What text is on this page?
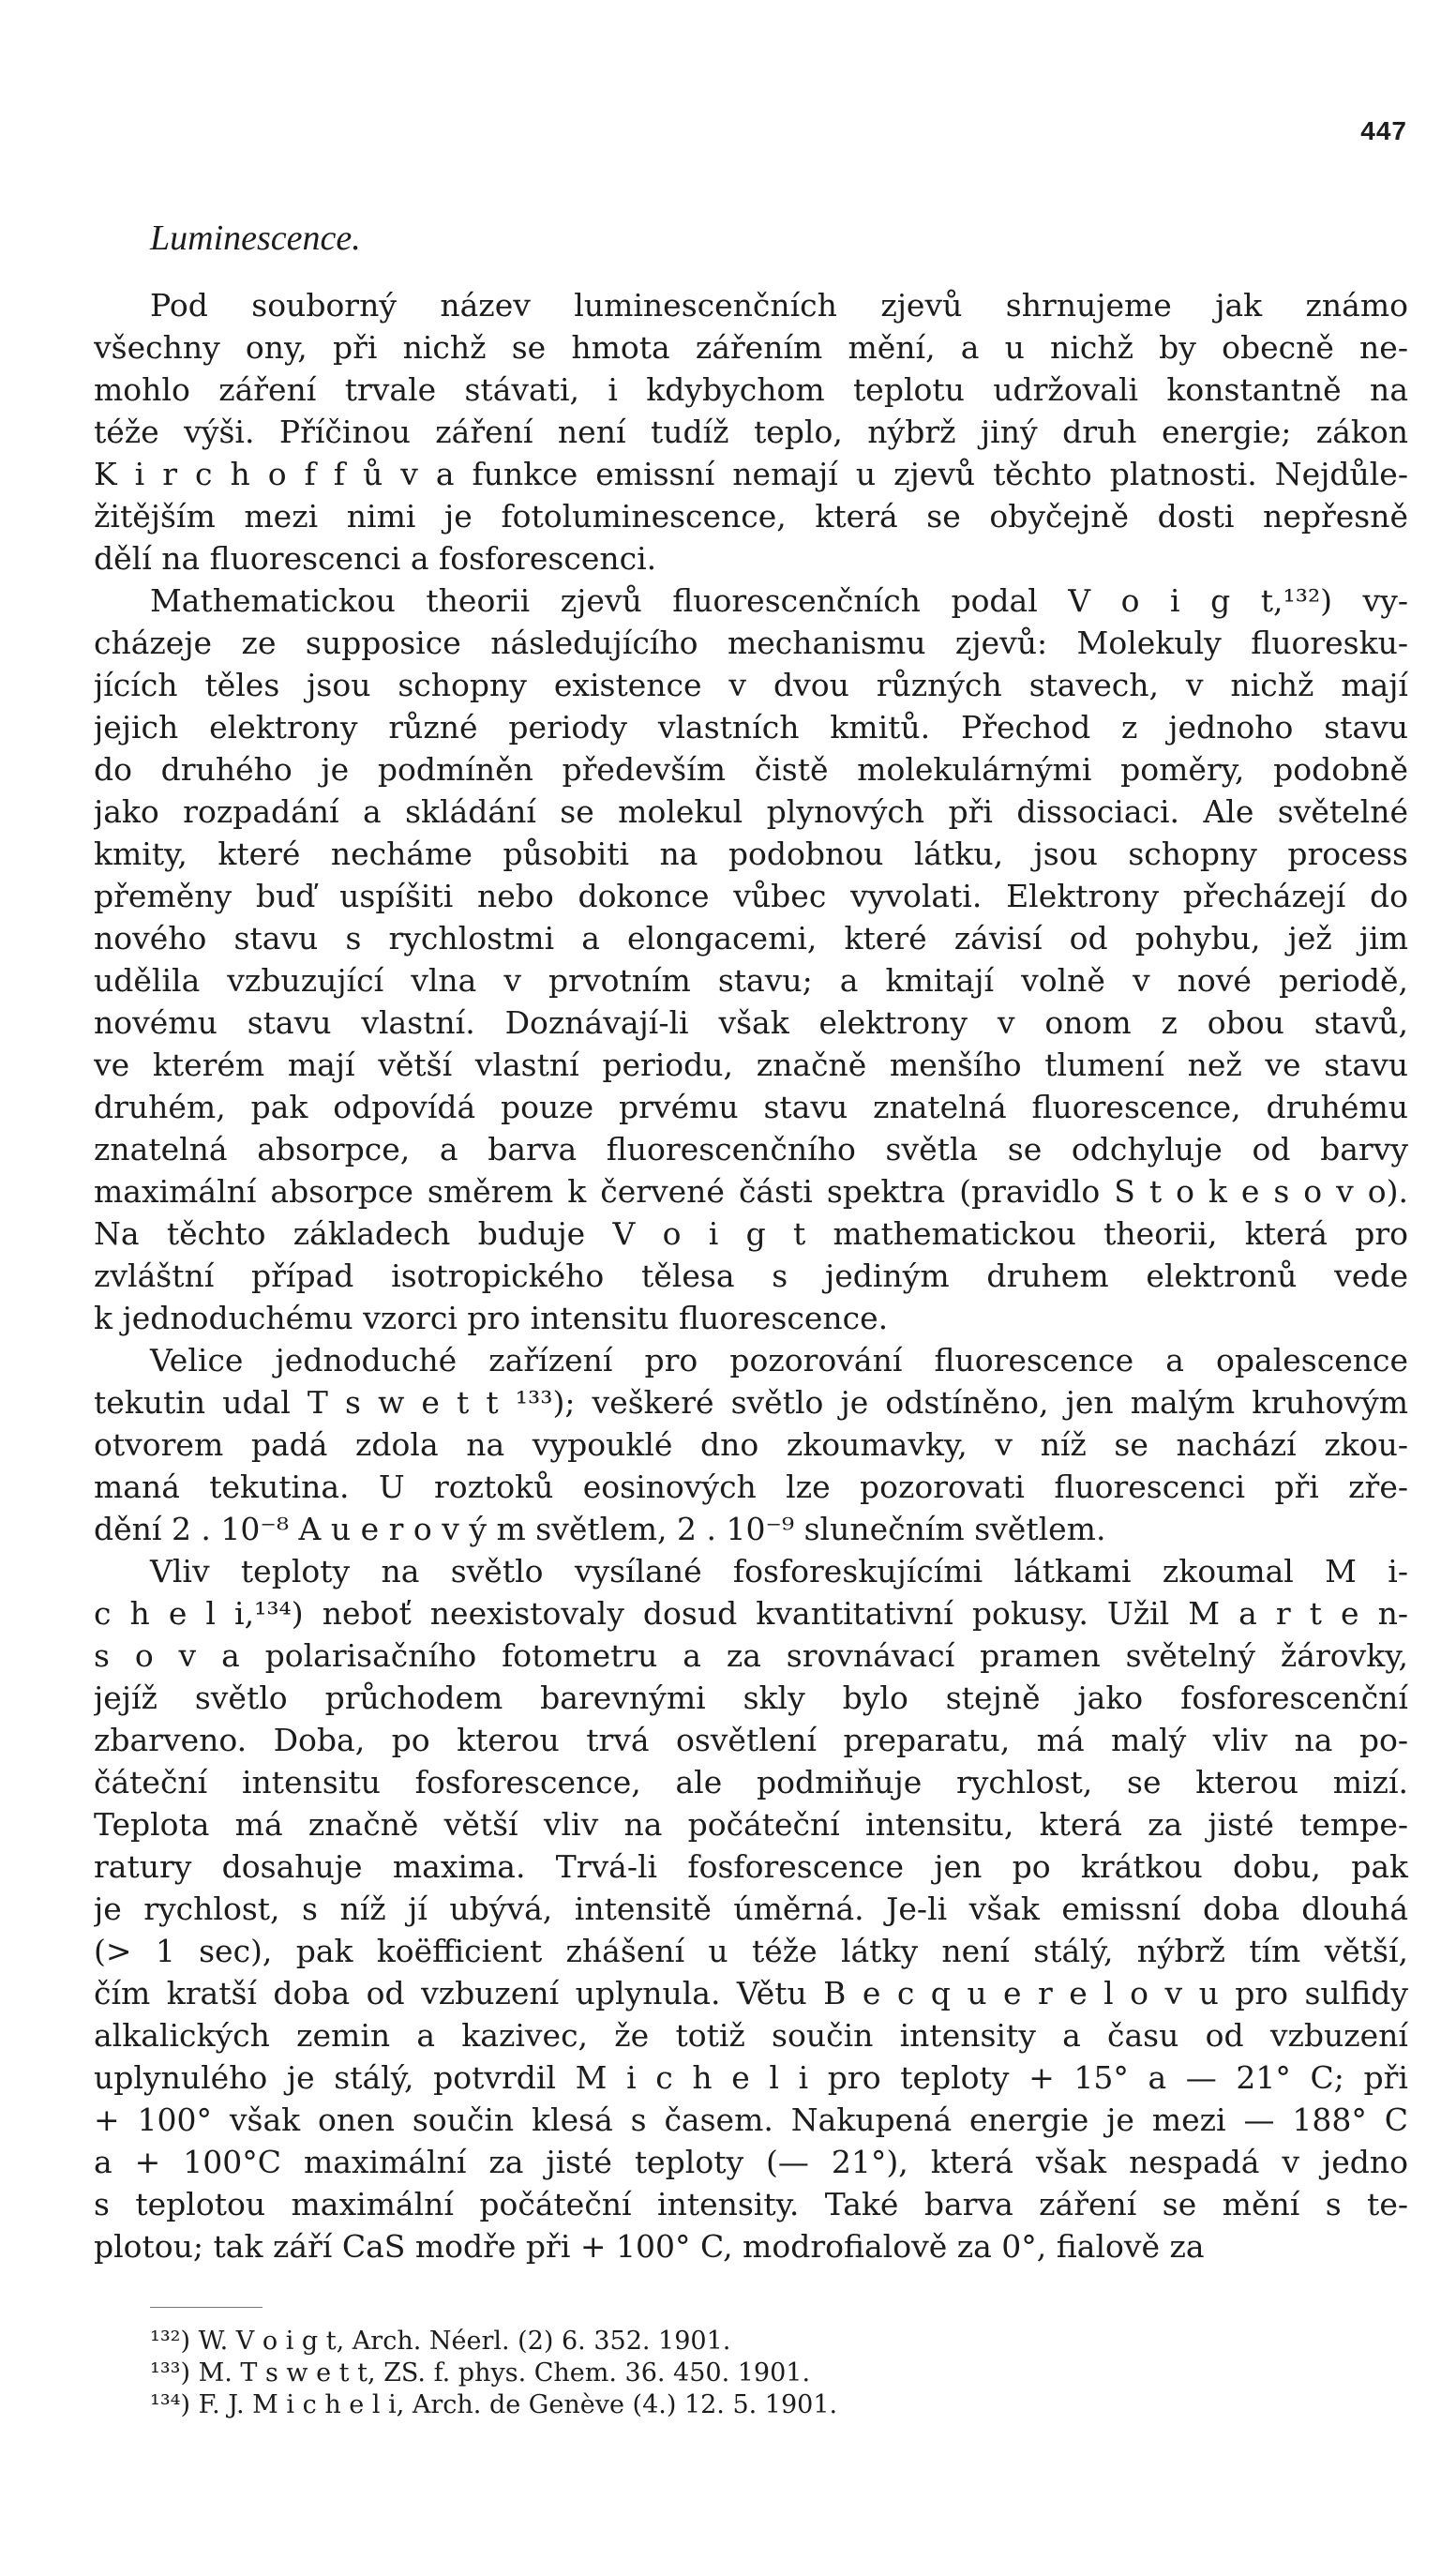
447
Luminescence.
Pod souborný název luminescenčních zjevů shrnujeme jak známo
všechny ony, při nichž se hmota zářením mění, a u nichž by obecně ne-
mohlo záření trvale stávati, i kdybychom teplotu udržovali konstantně na
téže výši. Příčinou záření není tudíž teplo, nýbrž jiný druh energie; zákon
K i r c h o f f ů v a funkce emissní nemají u zjevů těchto platnosti. Nejdůle-
žitějším mezi nimi je fotoluminescence, která se obyčejně dosti nepřesně
dělí na fluorescenci a fosforescenci.
Mathematickou theorii zjevů fluorescenčních podal V o i g t,¹³²) vy-
cházeje ze supposice následujícího mechanismu zjevů: Molekuly fluoresku-
jících těles jsou schopny existence v dvou různých stavech, v nichž mají
jejich elektrony různé periody vlastních kmitů. Přechod z jednoho stavu
do druhého je podmíněn především čistě molekulárnými poměry, podobně
jako rozpadání a skládání se molekul plynových při dissociaci. Ale světelné
kmity, které necháme působiti na podobnou látku, jsou schopny process
přeměny buď uspíšiti nebo dokonce vůbec vyvolati. Elektrony přecházejí do
nového stavu s rychlostmi a elongacemi, které závisí od pohybu, jež jim
udělila vzbuzující vlna v prvotním stavu; a kmitají volně v nové periodě,
novému stavu vlastní. Doznávají-li však elektrony v onom z obou stavů,
ve kterém mají větší vlastní periodu, značně menšího tlumení než ve stavu
druhém, pak odpovídá pouze prvému stavu znatelná fluorescence, druhému
znatelná absorpce, a barva fluorescenčního světla se odchyluje od barvy
maximální absorpce směrem k červené části spektra (pravidlo S t o k e s o v o).
Na těchto základech buduje V o i g t mathematickou theorii, která pro
zvláštní případ isotropického tělesa s jediným druhem elektronů vede
k jednoduchému vzorci pro intensitu fluorescence.
Velice jednoduché zařízení pro pozorování fluorescence a opalescence
tekutin udal T s w e t t ¹³³); veškeré světlo je odstíněno, jen malým kruhovým
otvorem padá zdola na vypouklé dno zkoumavky, v níž se nachází zkou-
maná tekutina. U roztoků eosinových lze pozorovati fluorescenci při zře-
dění 2 . 10⁻⁸ A u e r o v ý m světlem, 2 . 10⁻⁹ slunečním světlem.
Vliv teploty na světlo vysílané fosforeskujícími látkami zkoumal M i-
c h e l i,¹³⁴) neboť neexistovaly dosud kvantitativní pokusy. Užil M a r t e n-
s o v a polarisačního fotometru a za srovnávací pramen světelný žárovky,
jejíž světlo průchodem barevnými skly bylo stejně jako fosforescenční
zbarveno. Doba, po kterou trvá osvětlení preparatu, má malý vliv na po-
čáteční intensitu fosforescence, ale podmiňuje rychlost, se kterou mizí.
Teplota má značně větší vliv na počáteční intensitu, která za jisté tempe-
ratury dosahuje maxima. Trvá-li fosforescence jen po krátkou dobu, pak
je rychlost, s níž jí ubývá, intensitě úměrná. Je-li však emissní doba dlouhá
(> 1 sec), pak koëfficient zhášení u téže látky není stálý, nýbrž tím větší,
čím kratší doba od vzbuzení uplynula. Větu B e c q u e r e l o v u pro sulfidy
alkalických zemin a kazivec, že totiž součin intensity a času od vzbuzení
uplynulého je stálý, potvrdil M i c h e l i pro teploty + 15° a — 21° C; při
+ 100° však onen součin klesá s časem. Nakupená energie je mezi — 188° C
a + 100°C maximální za jisté teploty (— 21°), která však nespadá v jedno
s teplotou maximální počáteční intensity. Také barva záření se mění s te-
plotou; tak září CaS modře při + 100° C, modrofialově za 0°, fialově za
¹³²) W. V o i g t, Arch. Néerl. (2) 6. 352. 1901.
¹³³) M. T s w e t t, ZS. f. phys. Chem. 36. 450. 1901.
¹³⁴) F. J. M i c h e l i, Arch. de Genève (4.) 12. 5. 1901.
